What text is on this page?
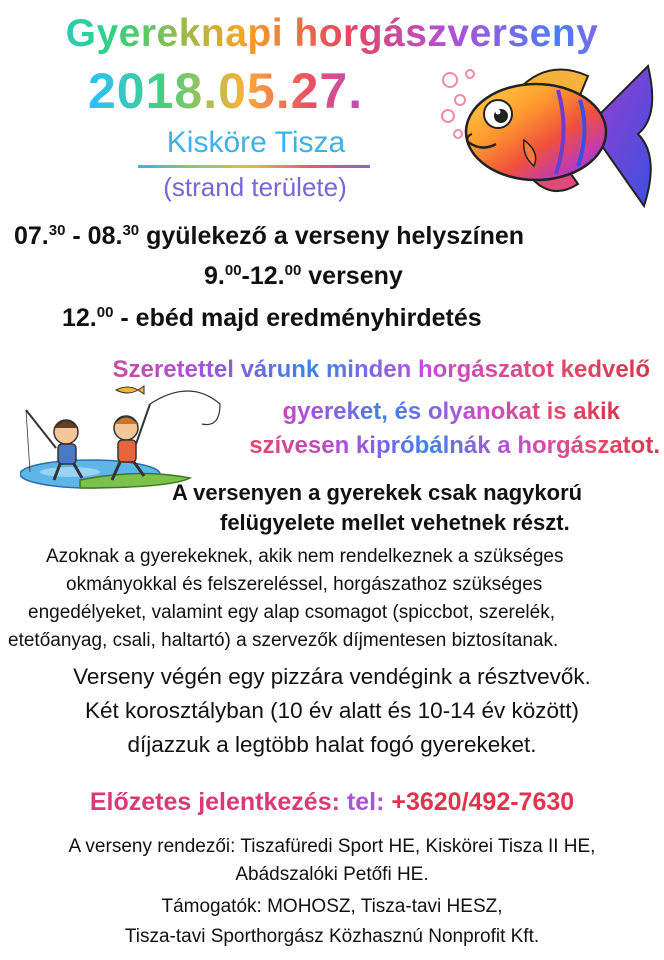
Gyereknapi horgászverseny
2018.05.27.
Kisköre Tisza
(strand területe)
07.30 - 08.30 gyülekező a verseny helyszínen
9.00-12.00 verseny
12.00 - ebéd majd eredményhirdetés
Szeretettel várunk minden horgászatot kedvelő
gyereket, és olyanokat is akik
szívesen kipróbálnák a horgászatot.
A versenyen a gyerekek csak nagykorú
felügyelete mellet vehetnek részt.
Azoknak a gyerekeknek, akik nem rendelkeznek a szükséges
okmányokkal és felszereléssel, horgászathoz szükséges
engedélyeket, valamint egy alap csomagot (spiccbot, szerelék,
etetőanyag, csali, haltartó) a szervezők díjmentesen biztosítanak.
Verseny végén egy pizzára vendégink a résztvevők.
Két korosztályban (10 év alatt és 10-14 év között)
díjazzuk a legtöbb halat fogó gyerekeket.
Előzetes jelentkezés: tel: +3620/492-7630
A verseny rendezői: Tiszafüredi Sport HE, Kiskörei Tisza II HE,
Abádszalóki Petőfi HE.
Támogatók: MOHOSZ, Tisza-tavi HESZ,
Tisza-tavi Sporthorgász Közhasznú Nonprofit Kft.
